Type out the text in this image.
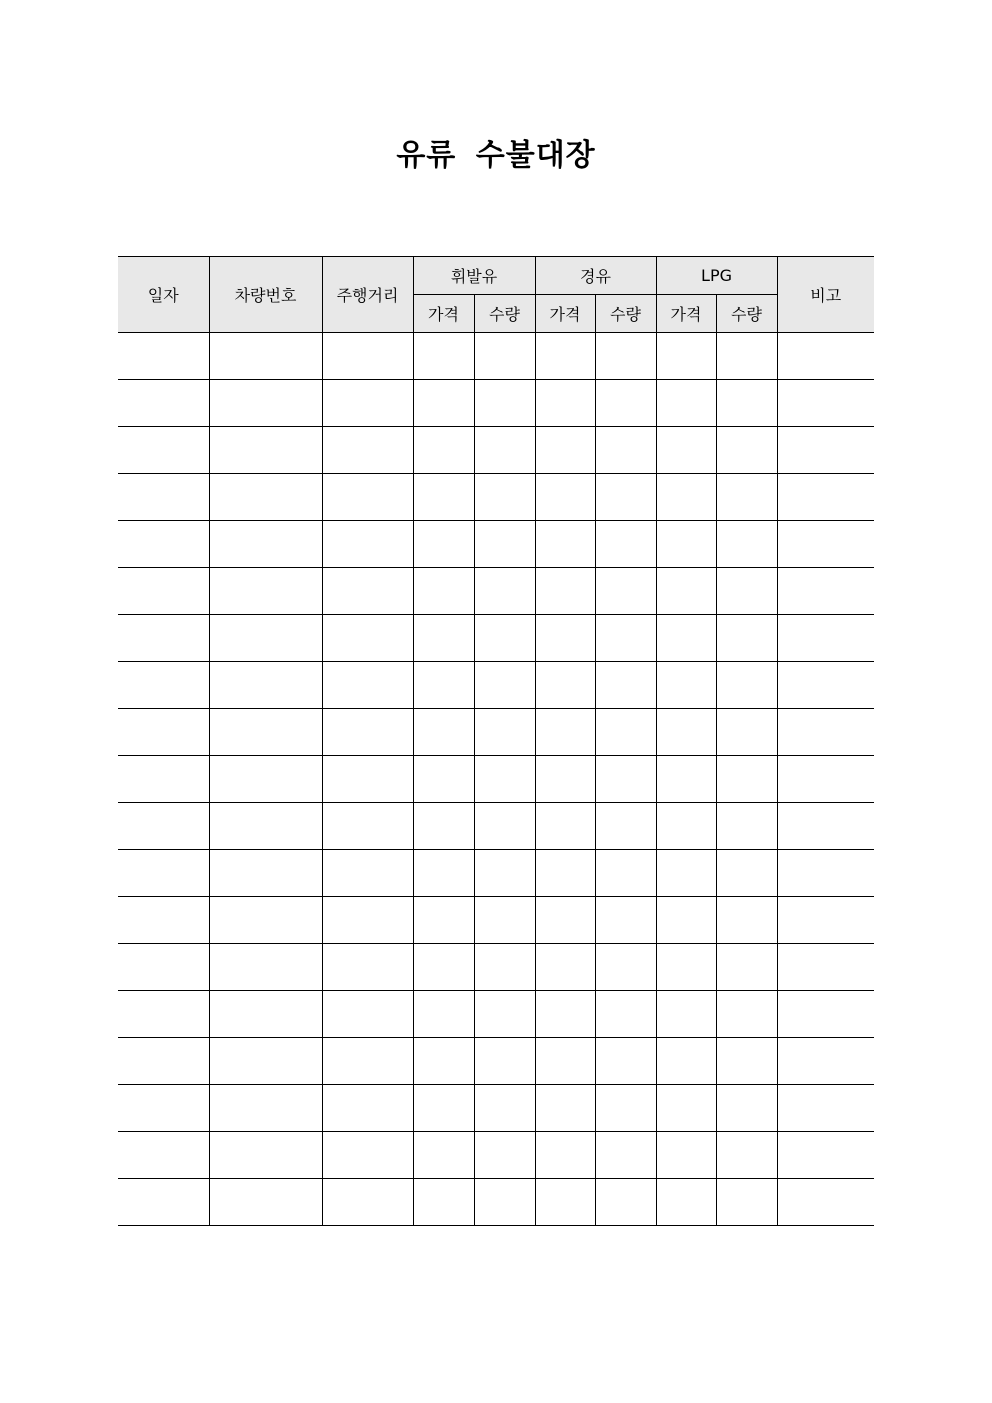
유류 수불대장
일자	차량번호	주행거리	휘발유		경유		LPG		비고
			가격	수량	가격	수량	가격	수량	
